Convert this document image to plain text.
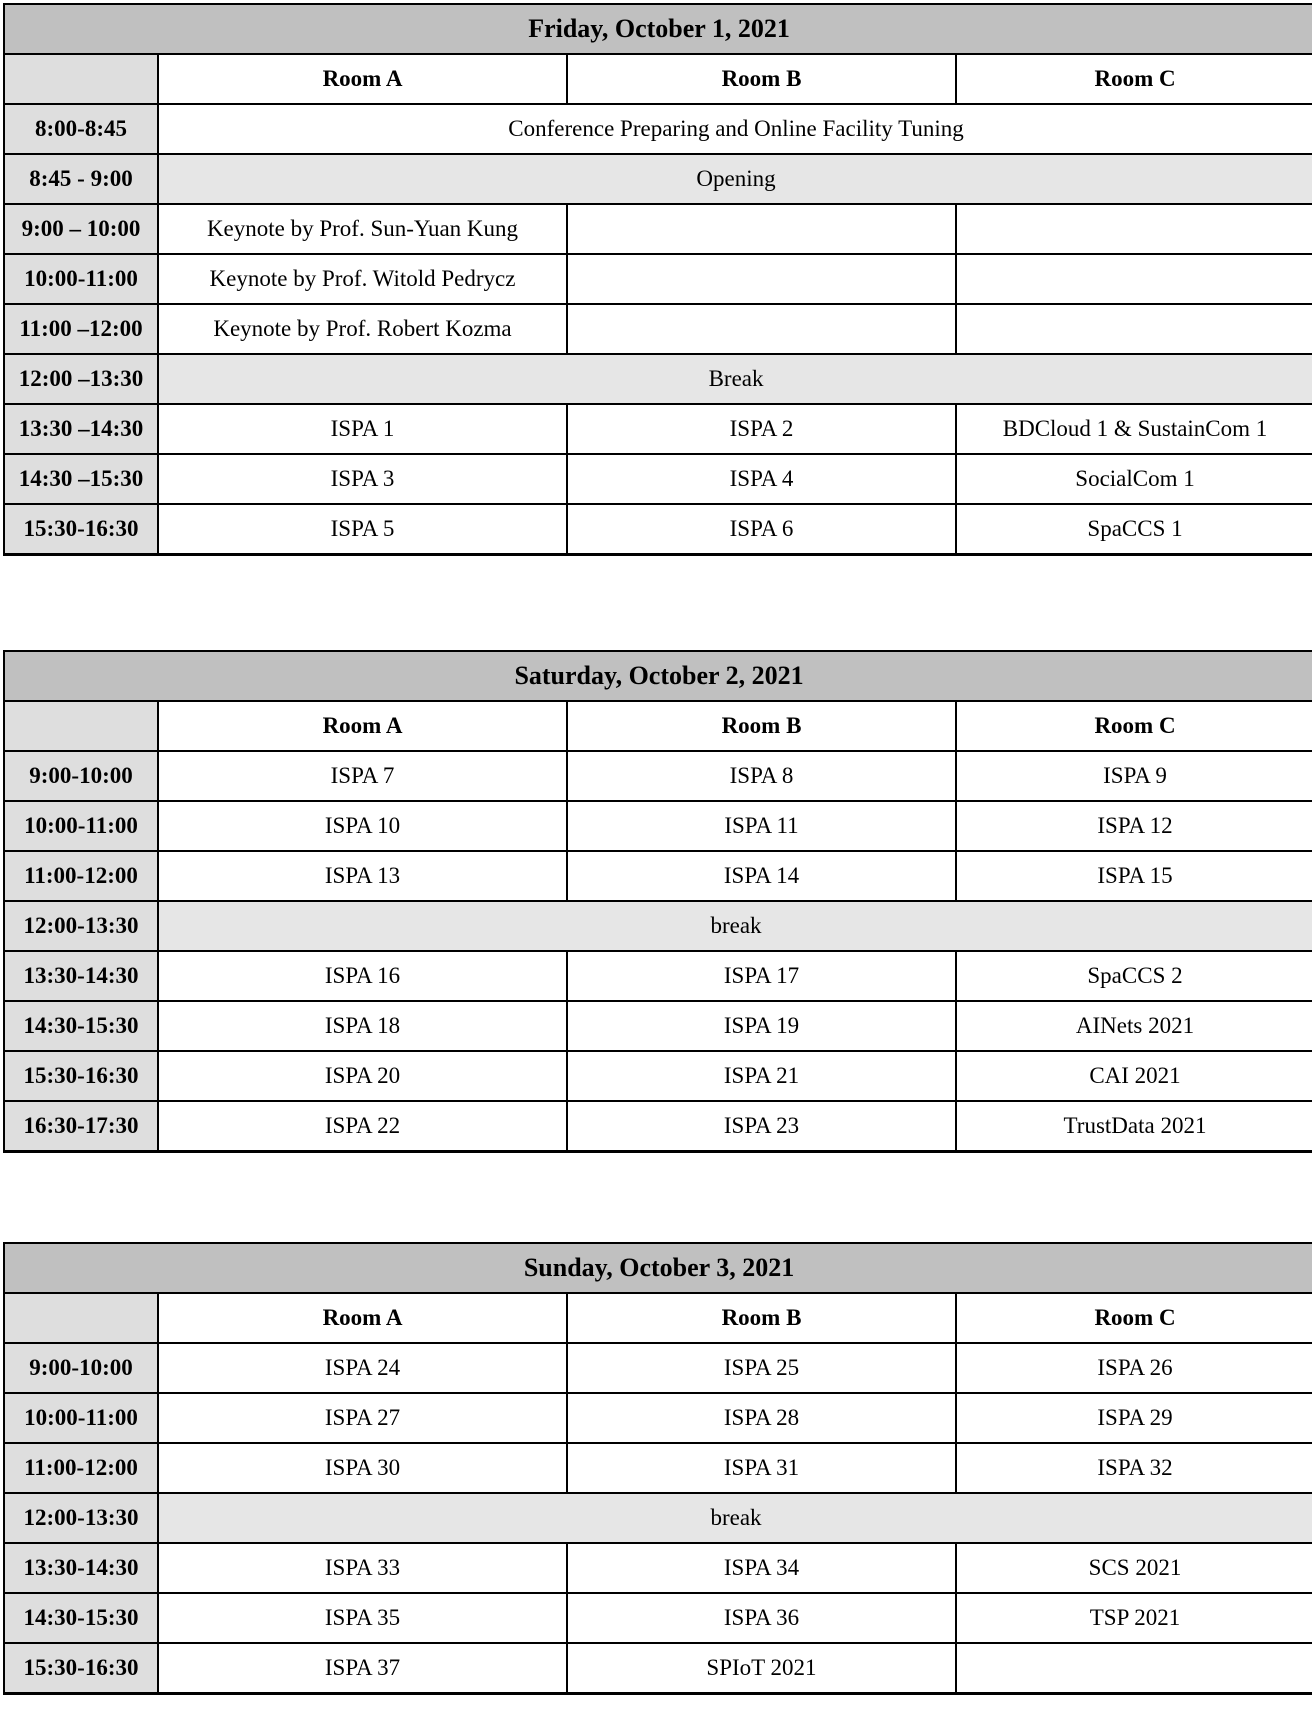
Friday, October 1, 2021			
	Room A	Room B	Room C
8:00-8:45	Conference Preparing and Online Facility Tuning		
8:45 - 9:00	Opening		
9:00 – 10:00	Keynote by Prof. Sun-Yuan Kung		
10:00-11:00	Keynote by Prof. Witold Pedrycz		
11:00 –12:00	Keynote by Prof. Robert Kozma		
12:00 –13:30	Break		
13:30 –14:30	ISPA 1	ISPA 2	BDCloud 1 & SustainCom 1
14:30 –15:30	ISPA 3	ISPA 4	SocialCom 1
15:30-16:30	ISPA 5	ISPA 6	SpaCCS 1
Saturday, October 2, 2021			
	Room A	Room B	Room C
9:00-10:00	ISPA 7	ISPA 8	ISPA 9
10:00-11:00	ISPA 10	ISPA 11	ISPA 12
11:00-12:00	ISPA 13	ISPA 14	ISPA 15
12:00-13:30	break		
13:30-14:30	ISPA 16	ISPA 17	SpaCCS 2
14:30-15:30	ISPA 18	ISPA 19	AINets 2021
15:30-16:30	ISPA 20	ISPA 21	CAI 2021
16:30-17:30	ISPA 22	ISPA 23	TrustData 2021
Sunday, October 3, 2021			
	Room A	Room B	Room C
9:00-10:00	ISPA 24	ISPA 25	ISPA 26
10:00-11:00	ISPA 27	ISPA 28	ISPA 29
11:00-12:00	ISPA 30	ISPA 31	ISPA 32
12:00-13:30	break		
13:30-14:30	ISPA 33	ISPA 34	SCS 2021
14:30-15:30	ISPA 35	ISPA 36	TSP 2021
15:30-16:30	ISPA 37	SPIoT 2021	
